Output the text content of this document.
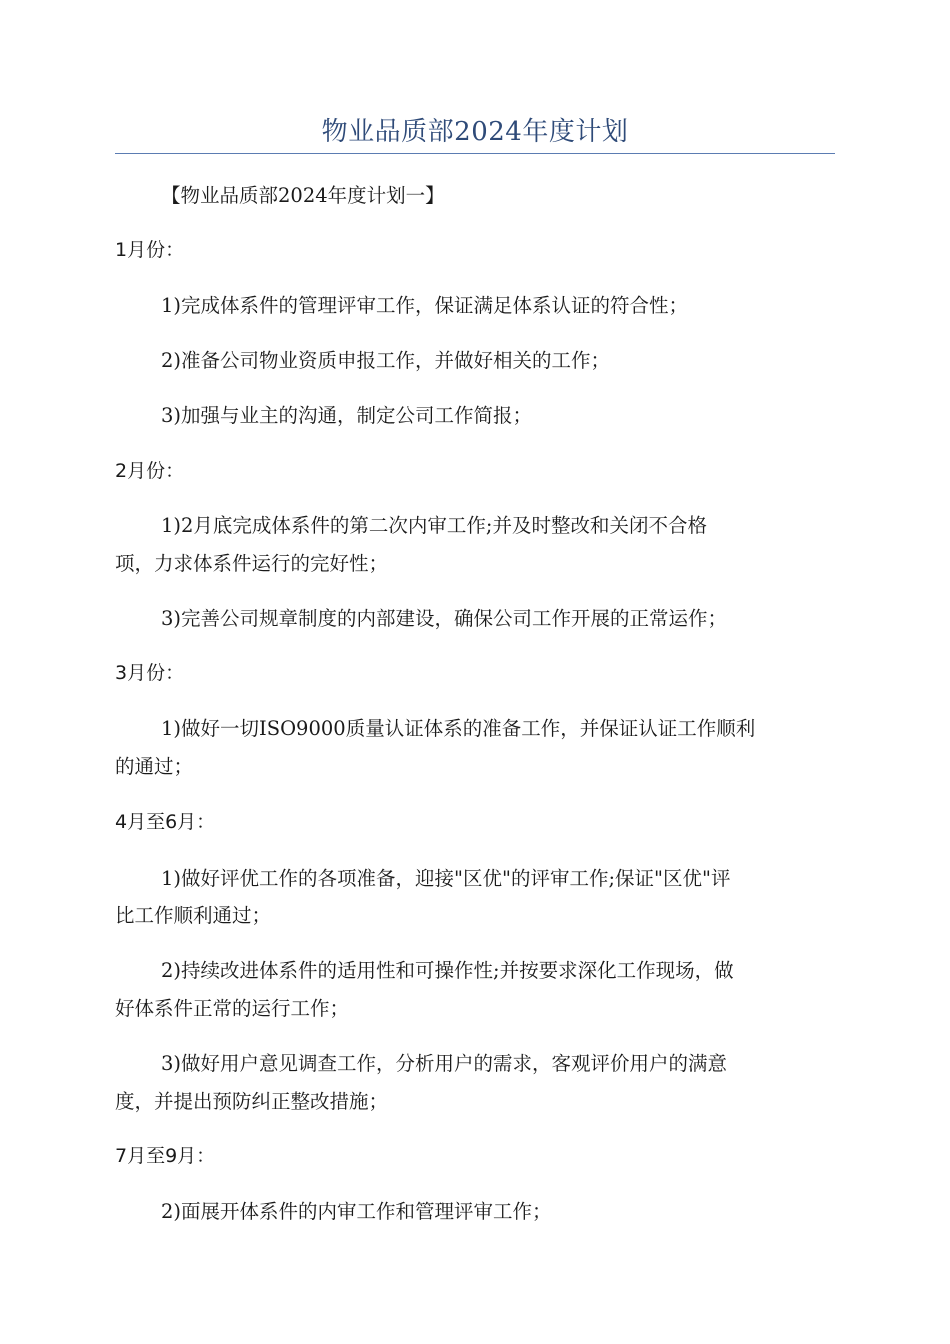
物业品质部2024年度计划
【物业品质部2024年度计划一】
1月份：
1)完成体系件的管理评审工作，保证满足体系认证的符合性；
2)准备公司物业资质申报工作，并做好相关的工作；
3)加强与业主的沟通，制定公司工作简报；
2月份：
1)2月底完成体系件的第二次内审工作;并及时整改和关闭不合格
项，力求体系件运行的完好性；
3)完善公司规章制度的内部建设，确保公司工作开展的正常运作；
3月份：
1)做好一切ISO9000质量认证体系的准备工作，并保证认证工作顺利
的通过；
4月至6月：
1)做好评优工作的各项准备，迎接"区优"的评审工作;保证"区优"评
比工作顺利通过；
2)持续改进体系件的适用性和可操作性;并按要求深化工作现场，做
好体系件正常的运行工作；
3)做好用户意见调查工作，分析用户的需求，客观评价用户的满意
度，并提出预防纠正整改措施；
7月至9月：
2)面展开体系件的内审工作和管理评审工作；
